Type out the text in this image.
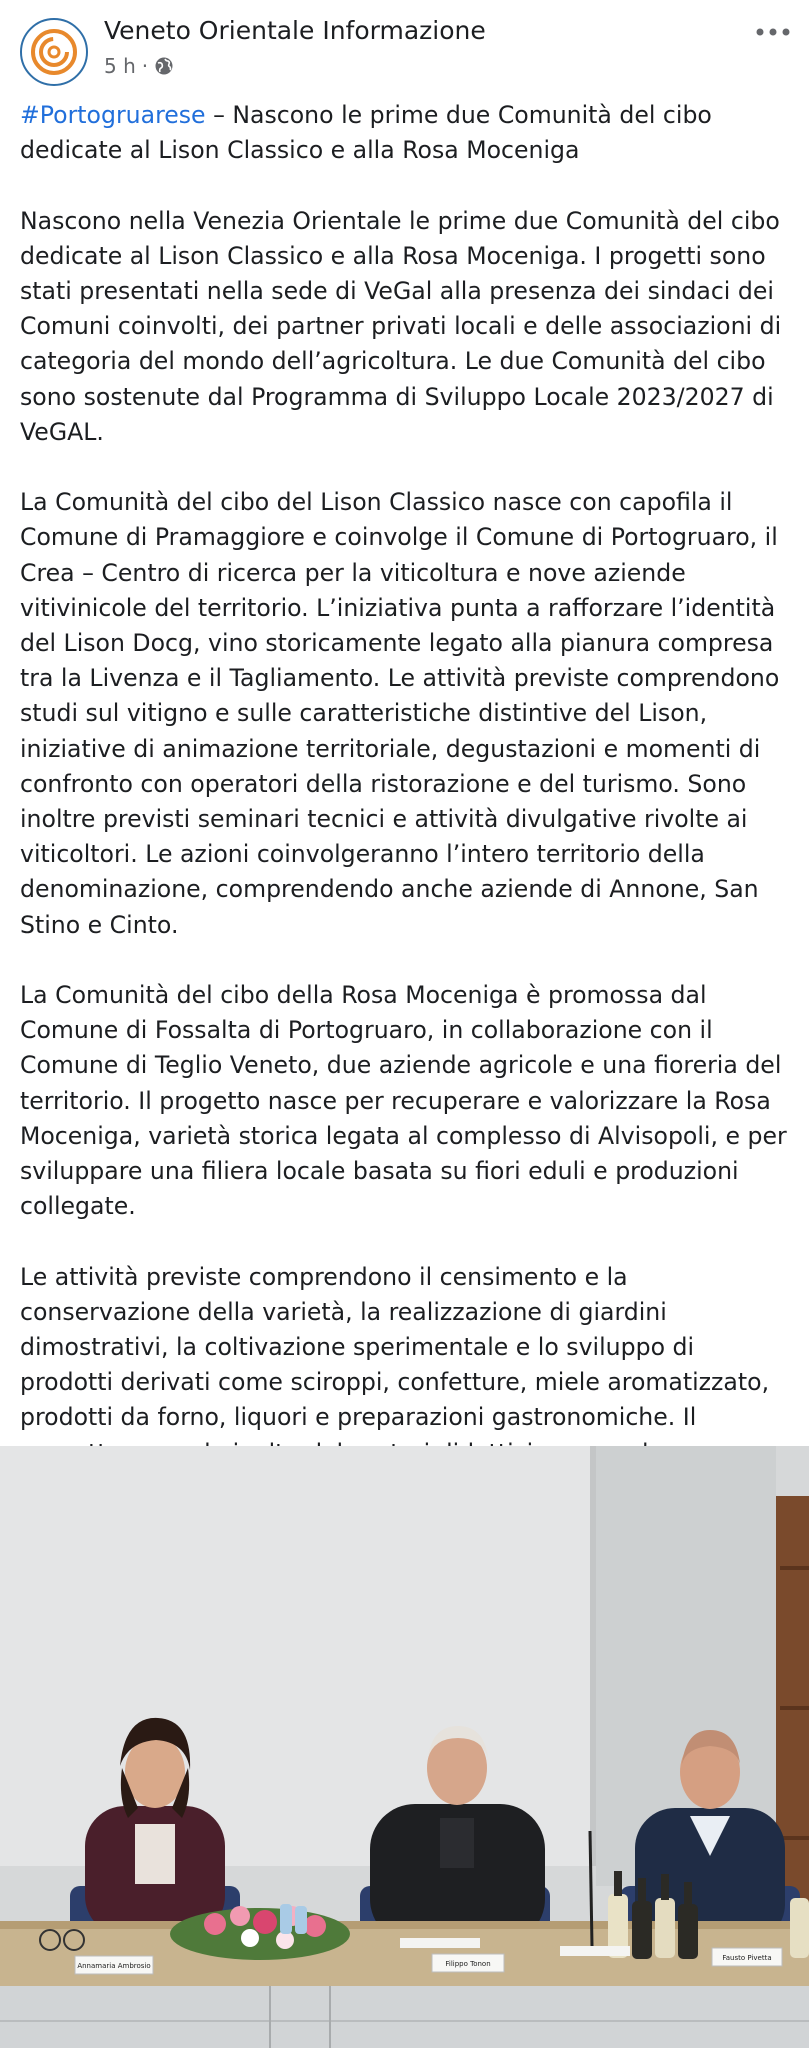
Veneto Orientale Informazione
5 h ·

#Portogruarese – Nascono le prime due Comunità del cibo dedicate al Lison Classico e alla Rosa Moceniga

Nascono nella Venezia Orientale le prime due Comunità del cibo dedicate al Lison Classico e alla Rosa Moceniga. I progetti sono stati presentati nella sede di VeGal alla presenza dei sindaci dei Comuni coinvolti, dei partner privati locali e delle associazioni di categoria del mondo dell’agricoltura. Le due Comunità del cibo sono sostenute dal Programma di Sviluppo Locale 2023/2027 di VeGAL.

La Comunità del cibo del Lison Classico nasce con capofila il Comune di Pramaggiore e coinvolge il Comune di Portogruaro, il Crea – Centro di ricerca per la viticoltura e nove aziende vitivinicole del territorio. L’iniziativa punta a rafforzare l’identità del Lison Docg, vino storicamente legato alla pianura compresa tra la Livenza e il Tagliamento. Le attività previste comprendono studi sul vitigno e sulle caratteristiche distintive del Lison, iniziative di animazione territoriale, degustazioni e momenti di confronto con operatori della ristorazione e del turismo. Sono inoltre previsti seminari tecnici e attività divulgative rivolte ai viticoltori. Le azioni coinvolgeranno l’intero territorio della denominazione, comprendendo anche aziende di Annone, San Stino e Cinto.

La Comunità del cibo della Rosa Moceniga è promossa dal Comune di Fossalta di Portogruaro, in collaborazione con il Comune di Teglio Veneto, due aziende agricole e una fioreria del territorio. Il progetto nasce per recuperare e valorizzare la Rosa Moceniga, varietà storica legata al complesso di Alvisopoli, e per sviluppare una filiera locale basata su fiori eduli e produzioni collegate.

Le attività previste comprendono il censimento e la conservazione della varietà, la realizzazione di giardini dimostrativi, la coltivazione sperimentale e lo sviluppo di prodotti derivati come sciroppi, confetture, miele aromatizzato, prodotti da forno, liquori e preparazioni gastronomiche. Il

Annamaria Ambrosio	Filippo Tonon
Fausto Pivetta
